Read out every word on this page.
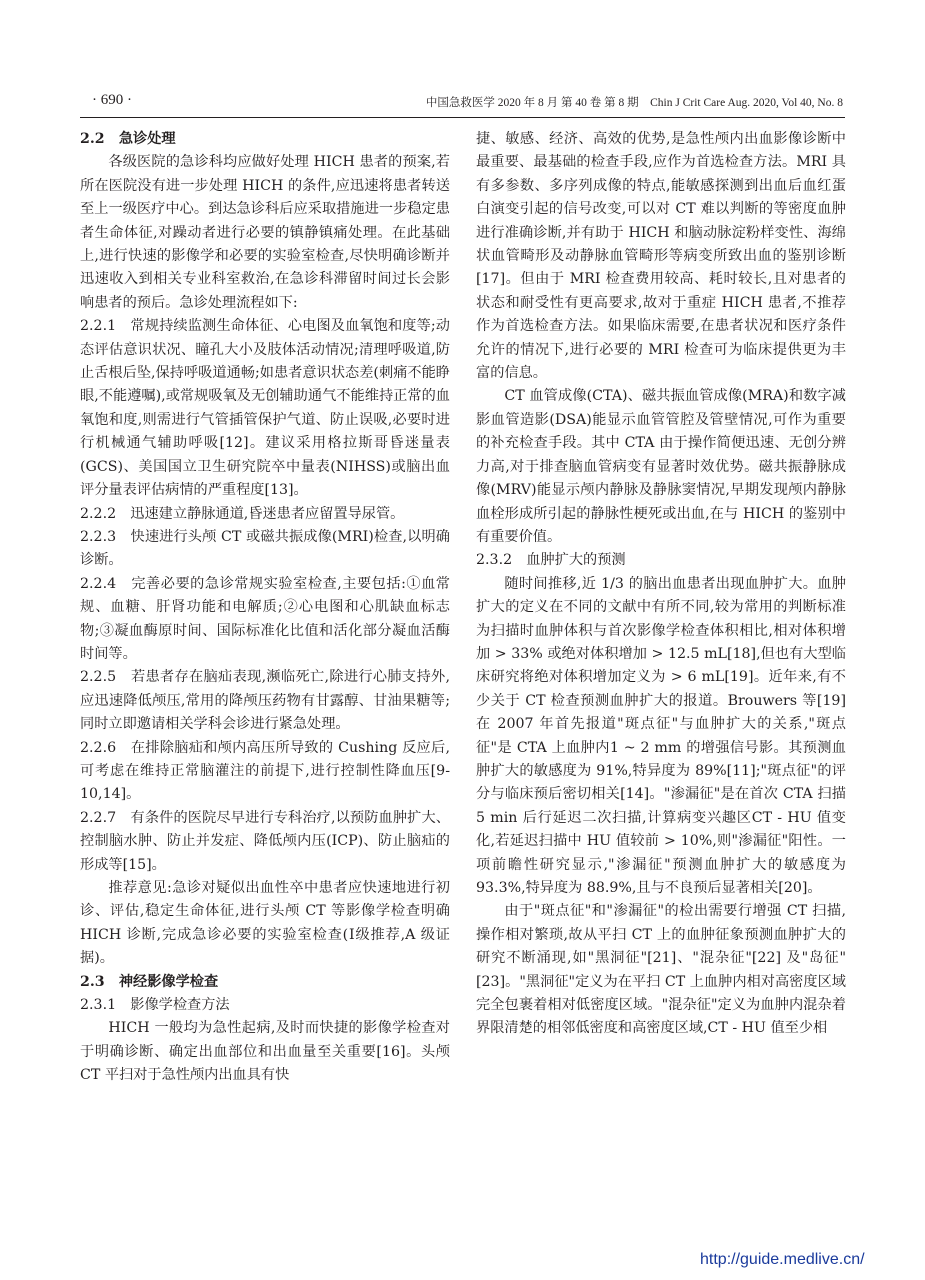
· 690 ·	中国急救医学 2020 年 8 月 第 40 卷 第 8 期　Chin J Crit Care Aug. 2020, Vol 40, No. 8

2.2　急诊处理

各级医院的急诊科均应做好处理 HICH 患者的预案,若所在医院没有进一步处理 HICH 的条件,应迅速将患者转送至上一级医疗中心。到达急诊科后应采取措施进一步稳定患者生命体征,对躁动者进行必要的镇静镇痛处理。在此基础上,进行快速的影像学和必要的实验室检查,尽快明确诊断并迅速收入到相关专业科室救治,在急诊科滞留时间过长会影响患者的预后。急诊处理流程如下:

2.2.1　常规持续监测生命体征、心电图及血氧饱和度等;动态评估意识状况、瞳孔大小及肢体活动情况;清理呼吸道,防止舌根后坠,保持呼吸道通畅;如患者意识状态差(刺痛不能睁眼,不能遵嘱),或常规吸氧及无创辅助通气不能维持正常的血氧饱和度,则需进行气管插管保护气道、防止误吸,必要时进行机械通气辅助呼吸[12]。建议采用格拉斯哥昏迷量表(GCS)、美国国立卫生研究院卒中量表(NIHSS)或脑出血评分量表评估病情的严重程度[13]。

2.2.2　迅速建立静脉通道,昏迷患者应留置导尿管。

2.2.3　快速进行头颅 CT 或磁共振成像(MRI)检查,以明确诊断。

2.2.4　完善必要的急诊常规实验室检查,主要包括:①血常规、血糖、肝肾功能和电解质;②心电图和心肌缺血标志物;③凝血酶原时间、国际标准化比值和活化部分凝血活酶时间等。

2.2.5　若患者存在脑疝表现,濒临死亡,除进行心肺支持外,应迅速降低颅压,常用的降颅压药物有甘露醇、甘油果糖等;同时立即邀请相关学科会诊进行紧急处理。

2.2.6　在排除脑疝和颅内高压所导致的 Cushing 反应后,可考虑在维持正常脑灌注的前提下,进行控制性降血压[9-10,14]。

2.2.7　有条件的医院尽早进行专科治疗,以预防血肿扩大、控制脑水肿、防止并发症、降低颅内压(ICP)、防止脑疝的形成等[15]。

推荐意见:急诊对疑似出血性卒中患者应快速地进行初诊、评估,稳定生命体征,进行头颅 CT 等影像学检查明确 HICH 诊断,完成急诊必要的实验室检查(Ⅰ级推荐,A 级证据)。

2.3　神经影像学检查

2.3.1　影像学检查方法

HICH 一般均为急性起病,及时而快捷的影像学检查对于明确诊断、确定出血部位和出血量至关重要[16]。头颅 CT 平扫对于急性颅内出血具有快

捷、敏感、经济、高效的优势,是急性颅内出血影像诊断中最重要、最基础的检查手段,应作为首选检查方法。MRI 具有多参数、多序列成像的特点,能敏感探测到出血后血红蛋白演变引起的信号改变,可以对 CT 难以判断的等密度血肿进行准确诊断,并有助于 HICH 和脑动脉淀粉样变性、海绵状血管畸形及动静脉血管畸形等病变所致出血的鉴别诊断[17]。但由于 MRI 检查费用较高、耗时较长,且对患者的状态和耐受性有更高要求,故对于重症 HICH 患者,不推荐作为首选检查方法。如果临床需要,在患者状况和医疗条件允许的情况下,进行必要的 MRI 检查可为临床提供更为丰富的信息。

CT 血管成像(CTA)、磁共振血管成像(MRA)和数字减影血管造影(DSA)能显示血管管腔及管壁情况,可作为重要的补充检查手段。其中 CTA 由于操作简便迅速、无创分辨力高,对于排查脑血管病变有显著时效优势。磁共振静脉成像(MRV)能显示颅内静脉及静脉窦情况,早期发现颅内静脉血栓形成所引起的静脉性梗死或出血,在与 HICH 的鉴别中有重要价值。

2.3.2　血肿扩大的预测

随时间推移,近 1/3 的脑出血患者出现血肿扩大。血肿扩大的定义在不同的文献中有所不同,较为常用的判断标准为扫描时血肿体积与首次影像学检查体积相比,相对体积增加 > 33% 或绝对体积增加 > 12.5 mL[18],但也有大型临床研究将绝对体积增加定义为 > 6 mL[19]。近年来,有不少关于 CT 检查预测血肿扩大的报道。Brouwers 等[19] 在 2007 年首先报道"斑点征"与血肿扩大的关系,"斑点征"是 CTA 上血肿内1 ~ 2 mm 的增强信号影。其预测血肿扩大的敏感度为 91%,特异度为 89%[11];"斑点征"的评分与临床预后密切相关[14]。"渗漏征"是在首次 CTA 扫描 5 min 后行延迟二次扫描,计算病变兴趣区CT - HU 值变化,若延迟扫描中 HU 值较前 > 10%,则"渗漏征"阳性。一项前瞻性研究显示,"渗漏征"预测血肿扩大的敏感度为 93.3%,特异度为 88.9%,且与不良预后显著相关[20]。

由于"斑点征"和"渗漏征"的检出需要行增强 CT 扫描,操作相对繁琐,故从平扫 CT 上的血肿征象预测血肿扩大的研究不断涌现,如"黑洞征"[21]、"混杂征"[22] 及"岛征"[23]。"黑洞征"定义为在平扫 CT 上血肿内相对高密度区域完全包裹着相对低密度区域。"混杂征"定义为血肿内混杂着界限清楚的相邻低密度和高密度区域,CT - HU 值至少相

http://guide.medlive.cn/
